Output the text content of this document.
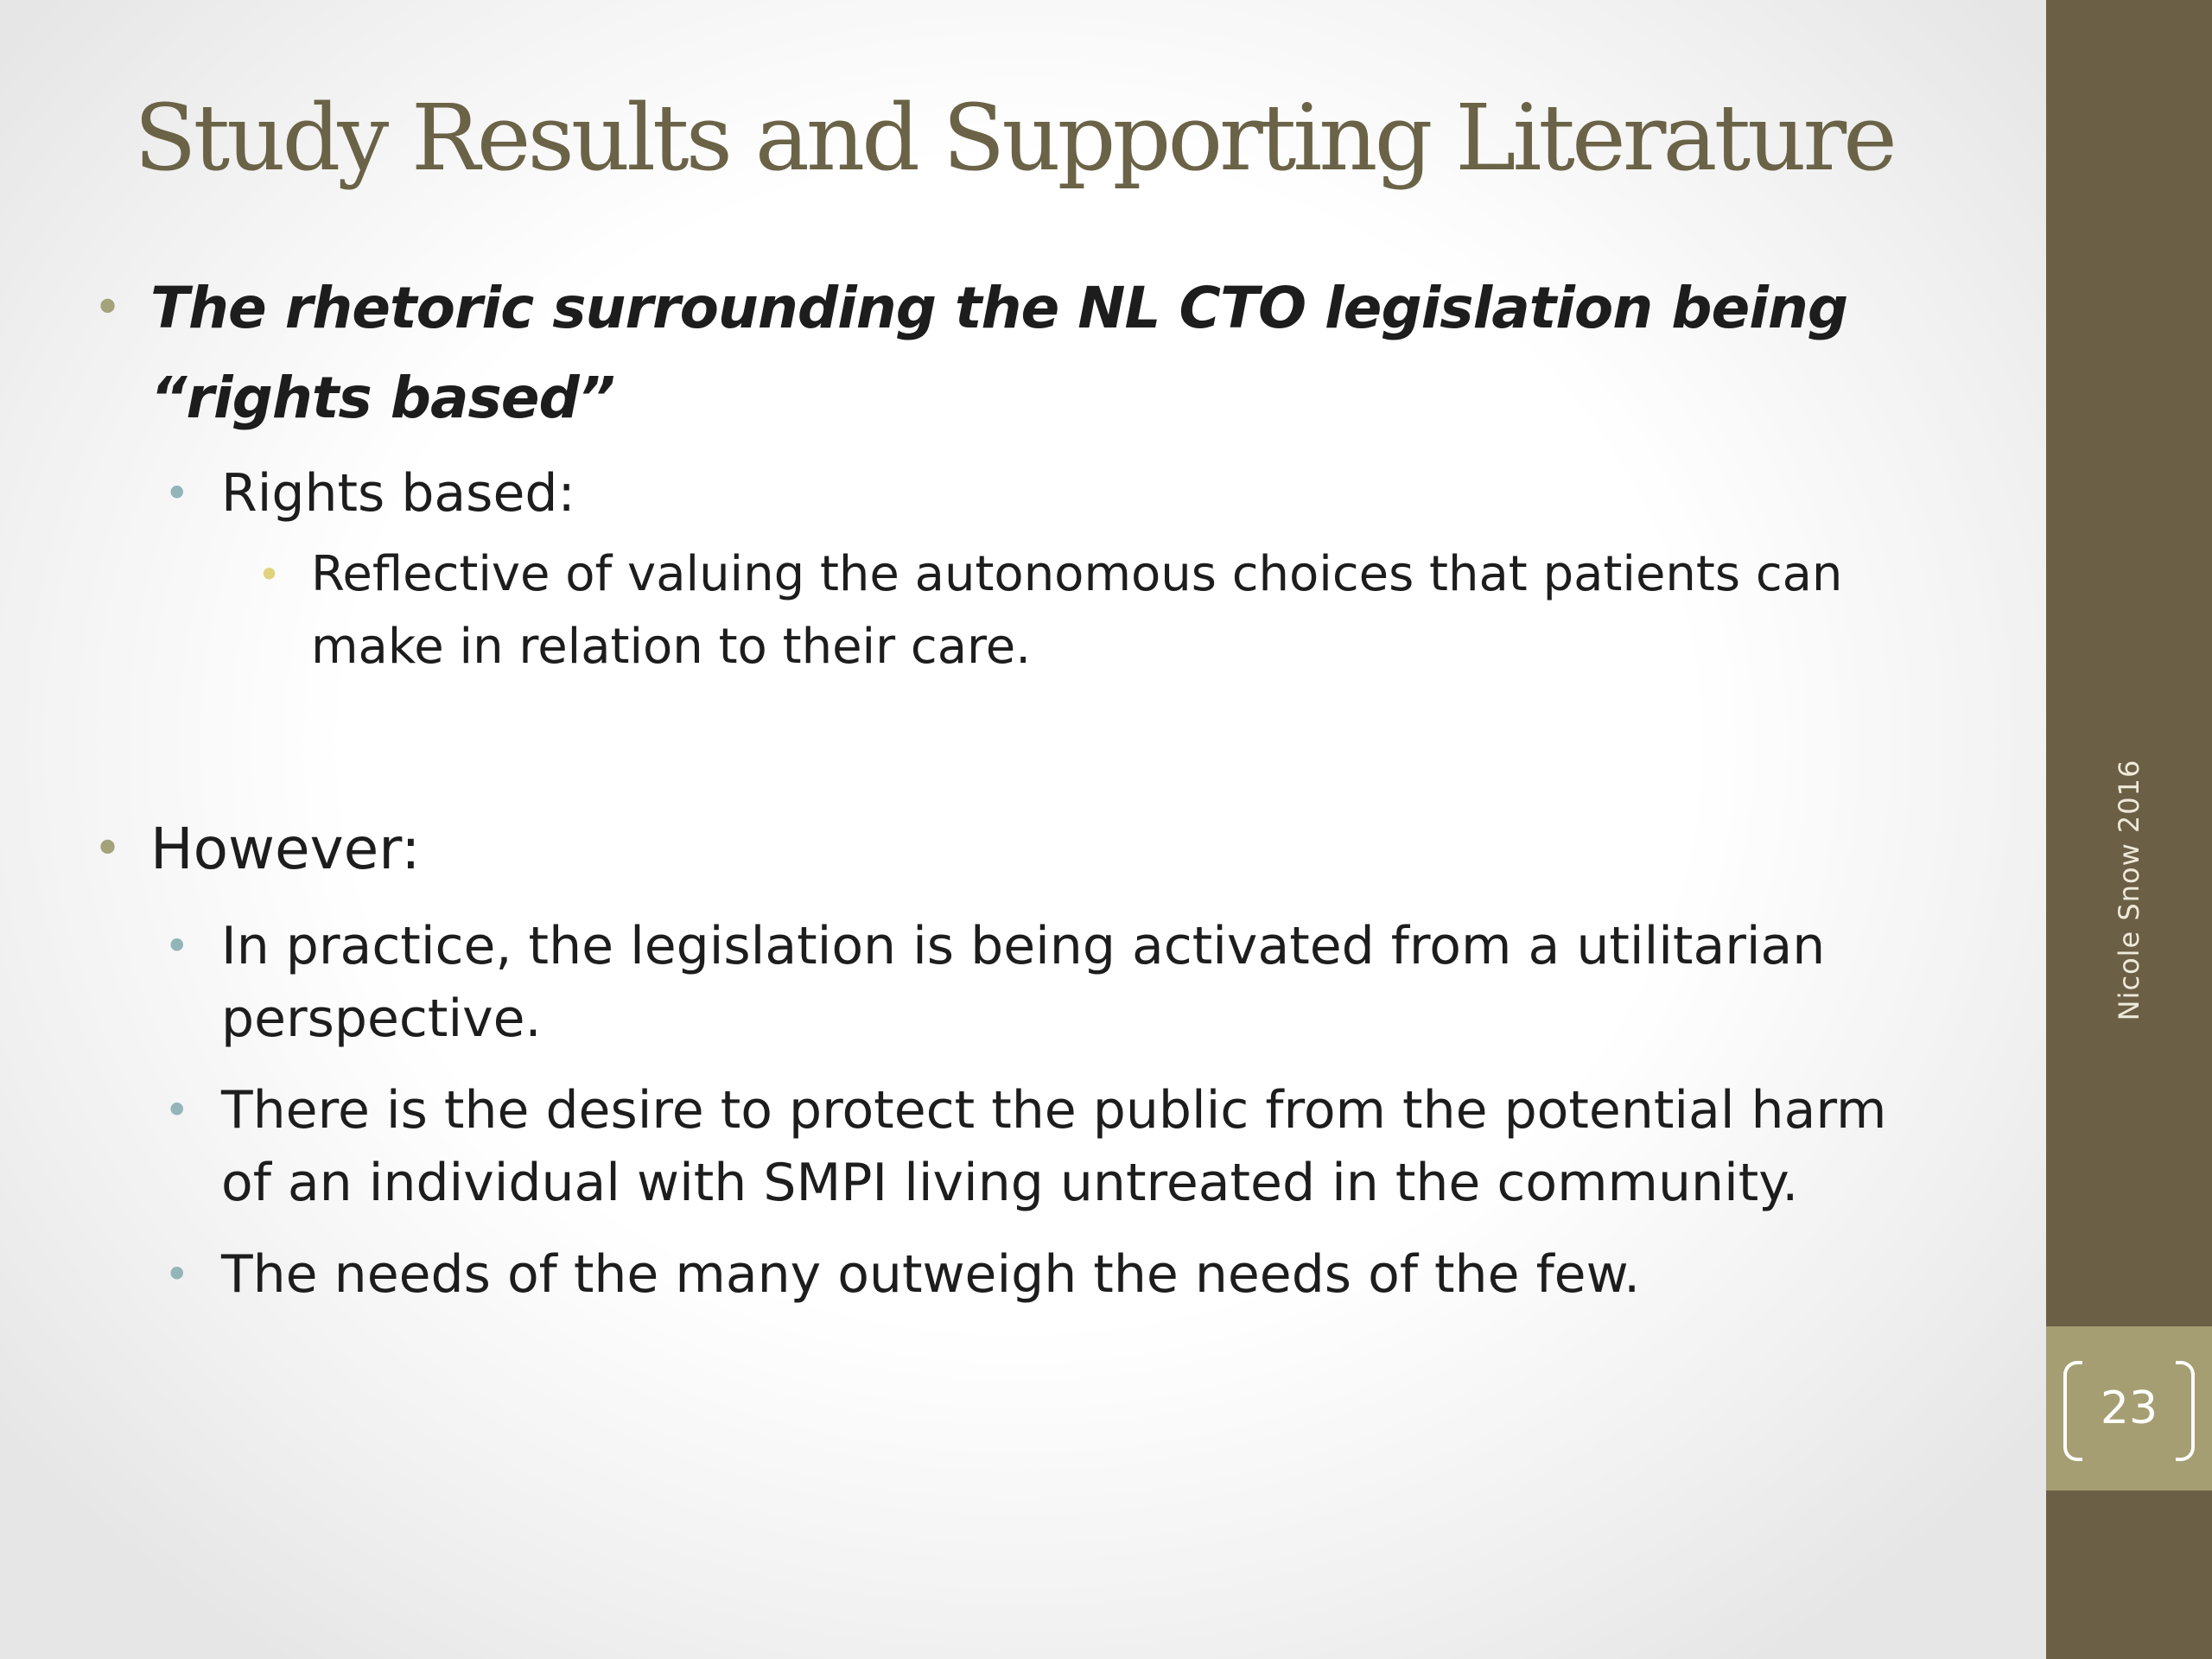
Study Results and Supporting Literature
• The rhetoric surrounding the NL CTO legislation being “rights based”
• Rights based:
• Reflective of valuing the autonomous choices that patients can make in relation to their care.
• However:
• In practice, the legislation is being activated from a utilitarian perspective.
• There is the desire to protect the public from the potential harm of an individual with SMPI living untreated in the community.
• The needs of the many outweigh the needs of the few.
Nicole Snow 2016
23
